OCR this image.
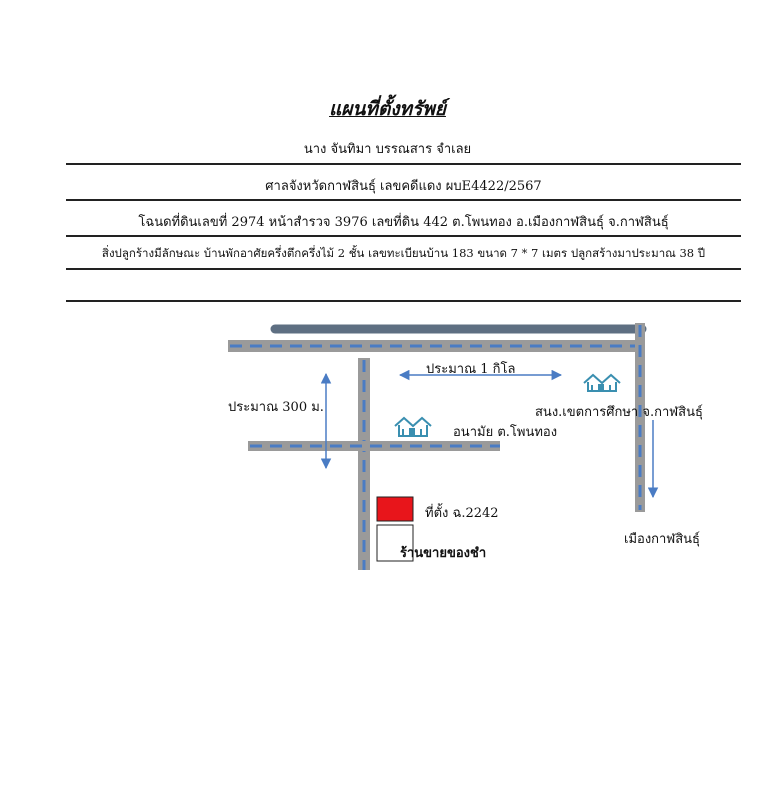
แผนที่ตั้งทรัพย์
นาง จันทิมา บรรณสาร จำเลย
ศาลจังหวัดกาฬสินธุ์ เลขคดีแดง ผบE4422/2567
โฉนดที่ดินเลขที่ 2974 หน้าสำรวจ 3976 เลขที่ดิน 442 ต.โพนทอง อ.เมืองกาฬสินธุ์ จ.กาฬสินธุ์
สิ่งปลูกร้างมีลักษณะ บ้านพักอาศัยครึ่งตึกครึ่งไม้ 2 ชั้น เลขทะเบียนบ้าน 183 ขนาด 7 * 7 เมตร ปลูกสร้างมาประมาณ 38 ปี
ประมาณ 1 กิโล
ประมาณ 300 ม.	สนง.เขตการศึกษา จ.กาฬสินธุ์
อนามัย ต.โพนทอง
ที่ตั้ง ฉ.2242
ร้านขายของชำ
เมืองกาฬสินธุ์
